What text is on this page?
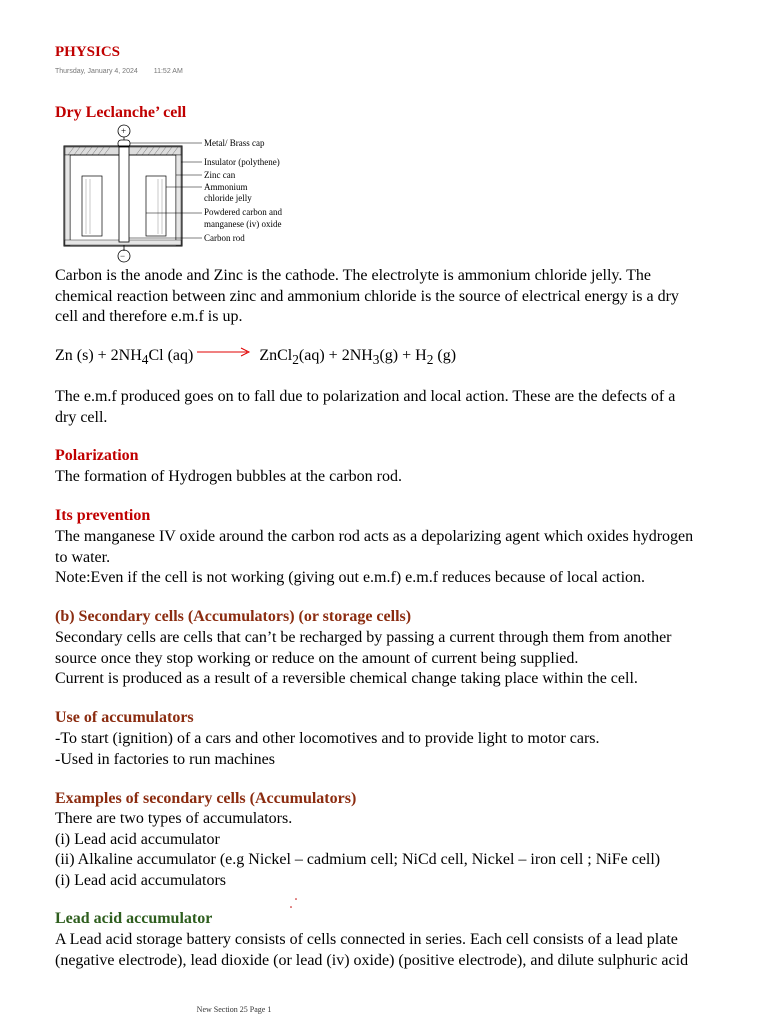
PHYSICS
Thursday, January 4, 2024 11:52 AM
Dry Leclanche’ cell
+
−
Metal/ Brass cap
Insulator (polythene)
Zinc can
Ammonium
chloride jelly
Powdered carbon and
manganese (iv) oxide
Carbon rod
Carbon is the anode and Zinc is the cathode. The electrolyte is ammonium chloride jelly. The
chemical reaction between zinc and ammonium chloride is the source of electrical energy is a dry
cell and therefore e.m.f is up.
Zn $(s) + 2NH_4Cl$ (aq)	ZnCl$_2$(aq) + $2NH_3(g) + H_2$ (g)
The e.m.f produced goes on to fall due to polarization and local action. These are the defects of a
dry cell.
Polarization
The formation of Hydrogen bubbles at the carbon rod.
Its prevention
The manganese IV oxide around the carbon rod acts as a depolarizing agent which oxides hydrogen
to water.
Note:Even if the cell is not working (giving out e.m.f) e.m.f reduces because of local action.
(b) Secondary cells (Accumulators) (or storage cells)
Secondary cells are cells that can’t be recharged by passing a current through them from another
source once they stop working or reduce on the amount of current being supplied.
Current is produced as a result of a reversible chemical change taking place within the cell.
Use of accumulators
-To start (ignition) of a cars and other locomotives and to provide light to motor cars.
-Used in factories to run machines
Examples of secondary cells (Accumulators)
There are two types of accumulators.
(i) Lead acid accumulator
(ii) Alkaline accumulator (e.g Nickel – cadmium cell; NiCd cell, Nickel – iron cell ; NiFe cell)
(i) Lead acid accumulators
Lead acid accumulator
A Lead acid storage battery consists of cells connected in series. Each cell consists of a lead plate
(negative electrode), lead dioxide (or lead (iv) oxide) (positive electrode), and dilute sulphuric acid
New Section 25 Page 1
